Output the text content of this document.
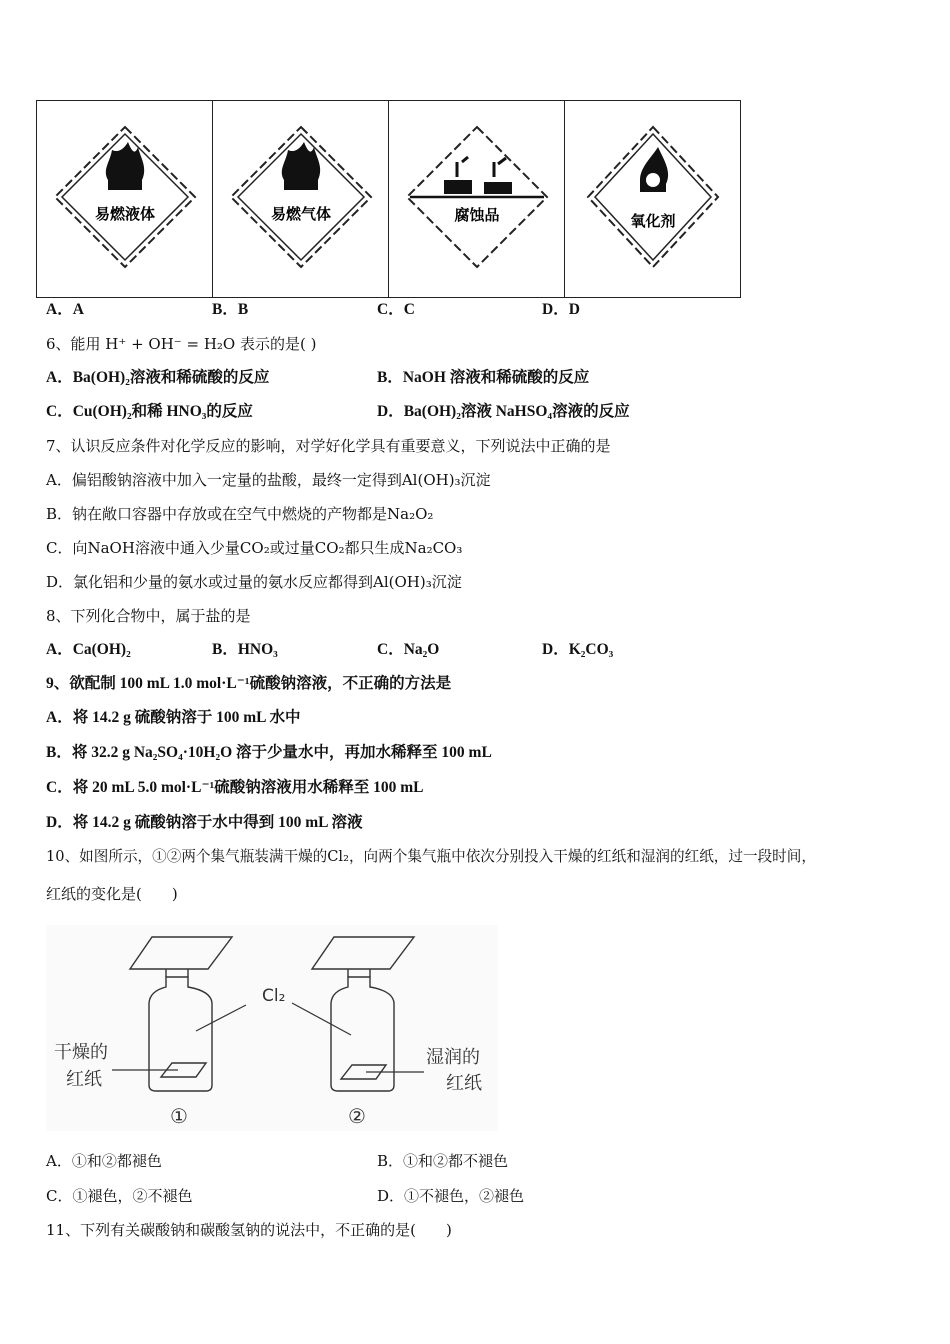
易燃液体	易燃气体	腐蚀品	氧化剂
A．A	B．B	C．C	D．D
6、能用 H⁺ + OH⁻ = H₂O 表示的是( )
A．Ba(OH)₂溶液和稀硫酸的反应	B．NaOH 溶液和稀硫酸的反应
C．Cu(OH)₂和稀 HNO₃的反应	D．Ba(OH)₂溶液 NaHSO₄溶液的反应
7、认识反应条件对化学反应的影响，对学好化学具有重要意义，下列说法中正确的是
A．偏铝酸钠溶液中加入一定量的盐酸，最终一定得到Al(OH)₃沉淀
B．钠在敞口容器中存放或在空气中燃烧的产物都是Na₂O₂
C．向NaOH溶液中通入少量CO₂或过量CO₂都只生成Na₂CO₃
D．氯化铝和少量的氨水或过量的氨水反应都得到Al(OH)₃沉淀
8、下列化合物中，属于盐的是
A．Ca(OH)₂	B．HNO₃	C．Na₂O	D．K₂CO₃
9、欲配制 100 mL 1.0 mol·L⁻¹硫酸钠溶液，不正确的方法是
A．将 14.2 g 硫酸钠溶于 100 mL 水中
B．将 32.2 g Na₂SO₄·10H₂O 溶于少量水中，再加水稀释至 100 mL
C．将 20 mL 5.0 mol·L⁻¹硫酸钠溶液用水稀释至 100 mL
D．将 14.2 g 硫酸钠溶于水中得到 100 mL 溶液
10、如图所示，①②两个集气瓶装满干燥的Cl₂，向两个集气瓶中依次分别投入干燥的红纸和湿润的红纸，过一段时间，
红纸的变化是(　　)
Cl₂
干燥的
红纸
湿润的
红纸
①	②
A．①和②都褪色	B．①和②都不褪色
C．①褪色，②不褪色	D．①不褪色，②褪色
11、下列有关碳酸钠和碳酸氢钠的说法中，不正确的是(　　)
